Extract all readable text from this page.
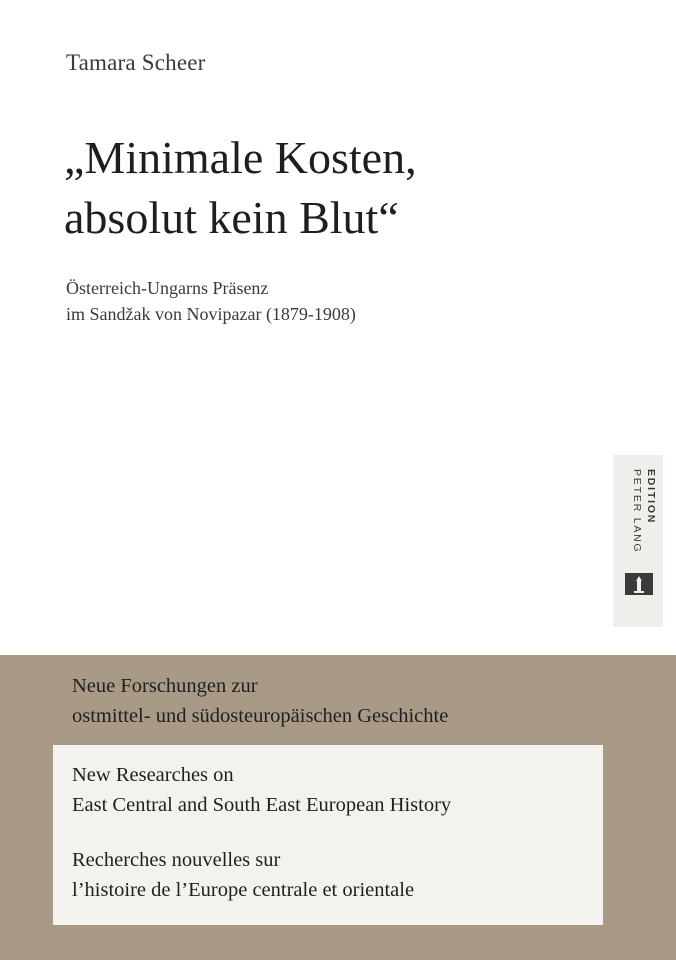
Tamara Scheer
„Minimale Kosten,
absolut kein Blut“
Österreich-Ungarns Präsenz
im Sandžak von Novipazar (1879-1908)
PETER LANG EDITION
Neue Forschungen zur
ostmittel- und südosteuropäischen Geschichte
New Researches on
East Central and South East European History
Recherches nouvelles sur
l’histoire de l’Europe centrale et orientale
